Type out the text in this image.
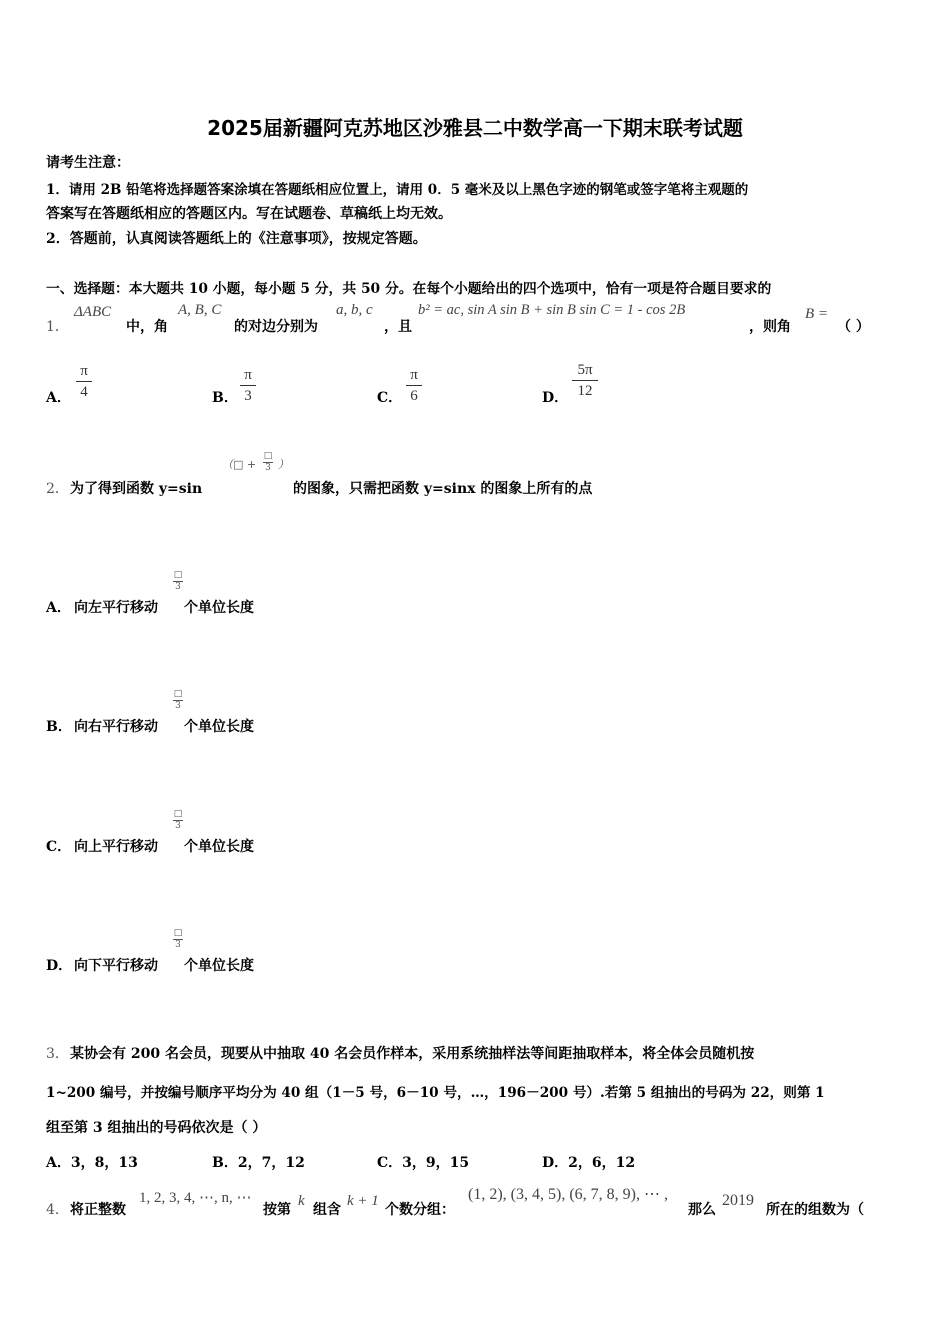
2025届新疆阿克苏地区沙雅县二中数学高一下期末联考试题
请考生注意：
1．请用 2B 铅笔将选择题答案涂填在答题纸相应位置上，请用 0．5 毫米及以上黑色字迹的钢笔或签字笔将主观题的
答案写在答题纸相应的答题区内。写在试题卷、草稿纸上均无效。
2．答题前，认真阅读答题纸上的《注意事项》，按规定答题。
一、选择题：本大题共 10 小题，每小题 5 分，共 50 分。在每个小题给出的四个选项中，恰有一项是符合题目要求的
1．
ΔABC
中，角
A, B, C
的对边分别为
a, b, c
，且
b² = ac, sin A sin B + sin B sin C = 1 - cos 2B
，则角
B =
（ ）
A．
π
4	B．
π
3	C．
π
6	D．
5π
12
2． 为了得到函数 y=sin
（□ +
□
3 ）
的图象，只需把函数 y=sinx 的图象上所有的点
A． 向左平行移动
□
3
个单位长度
B． 向右平行移动
□
3
个单位长度
C． 向上平行移动
□
3
个单位长度
D． 向下平行移动
□
3
个单位长度
3． 某协会有 200 名会员，现要从中抽取 40 名会员作样本，采用系统抽样法等间距抽取样本，将全体会员随机按
1~200 编号，并按编号顺序平均分为 40 组（1－5 号，6－10 号，…，196－200 号）.若第 5 组抽出的号码为 22，则第 1
组至第 3 组抽出的号码依次是（ ）
A．3，8，13	B．2，7，12	C．3，9，15	D．2，6，12
4． 将正整数
1, 2, 3, 4, ⋯, n, ⋯
按第
k
组含
k + 1
个数分组：
(1, 2), (3, 4, 5), (6, 7, 8, 9), ⋯ ,
那么
2019
所在的组数为（
